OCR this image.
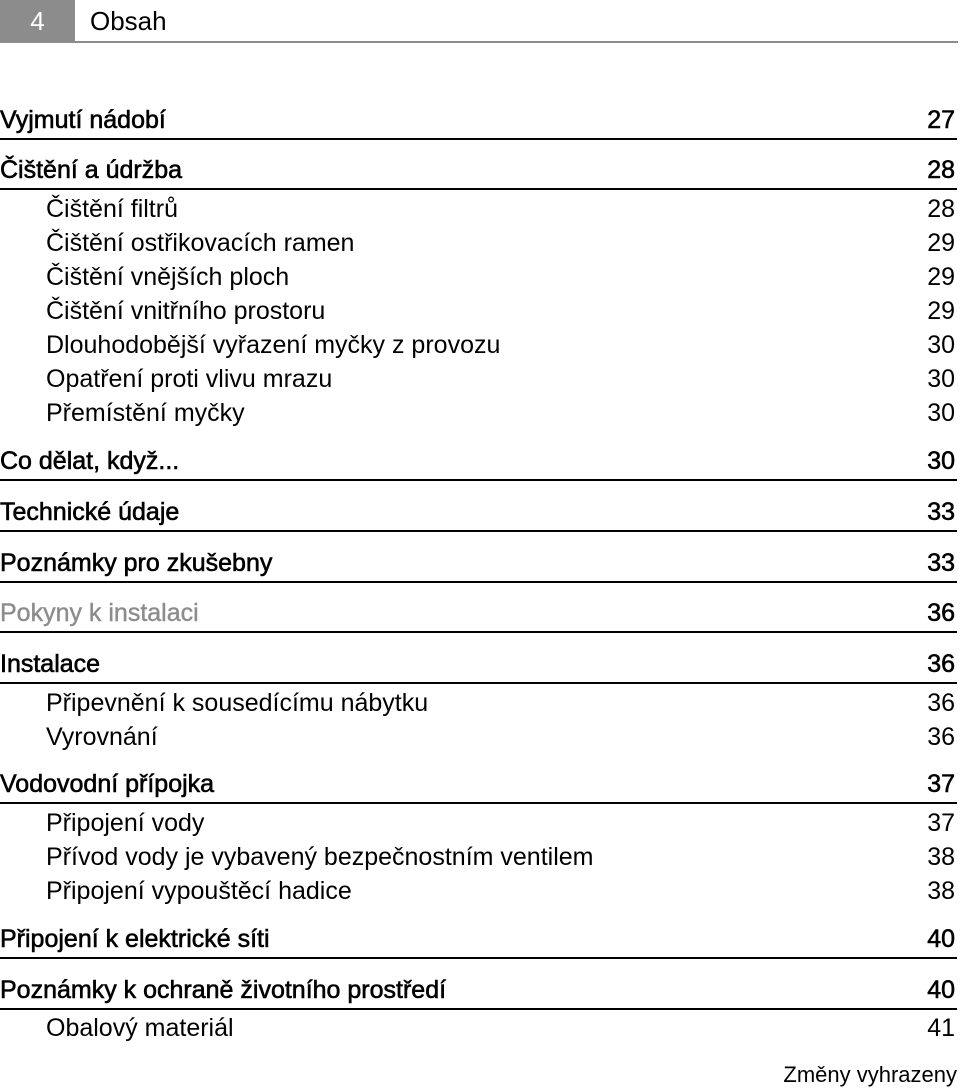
4	Obsah
Vyjmutí nádobí	27
Čištění a údržba	28
Čištění filtrů	28
Čištění ostřikovacích ramen	29
Čištění vnějších ploch	29
Čištění vnitřního prostoru	29
Dlouhodobější vyřazení myčky z provozu	30
Opatření proti vlivu mrazu	30
Přemístění myčky	30
Co dělat, když...	30
Technické údaje	33
Poznámky pro zkušebny	33
Pokyny k instalaci	36
Instalace	36
Připevnění k sousedícímu nábytku	36
Vyrovnání	36
Vodovodní přípojka	37
Připojení vody	37
Přívod vody je vybavený bezpečnostním ventilem	38
Připojení vypouštěcí hadice	38
Připojení k elektrické síti	40
Poznámky k ochraně životního prostředí	40
Obalový materiál	41
Změny vyhrazeny
